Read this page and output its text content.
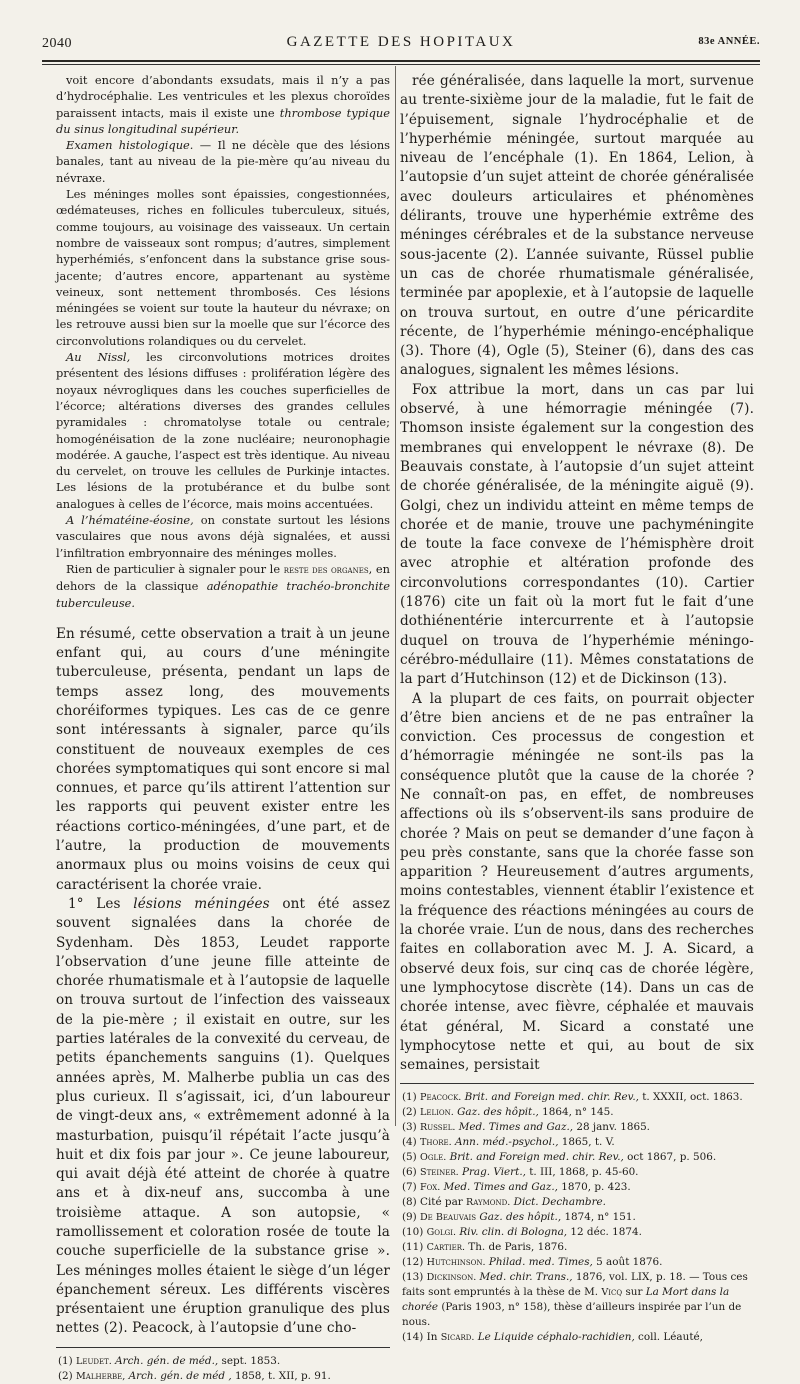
2040	GAZETTE DES HOPITAUX	83e ANNÉE.

voit encore d’abondants exsudats, mais il n’y a pas d’hydrocéphalie. Les ventricules et les plexus choroïdes paraissent intacts, mais il existe une thrombose typique du sinus longitudinal supérieur.

Examen histologique. — Il ne décèle que des lésions banales, tant au niveau de la pie-mère qu’au niveau du névraxe.

Les méninges molles sont épaissies, congestionnées, œdémateuses, riches en follicules tuberculeux, situés, comme toujours, au voisinage des vaisseaux. Un certain nombre de vaisseaux sont rompus; d’autres, simplement hyperhémiés, s’enfoncent dans la substance grise sous-jacente; d’autres encore, appartenant au système veineux, sont nettement thrombosés. Ces lésions méningées se voient sur toute la hauteur du névraxe; on les retrouve aussi bien sur la moelle que sur l’écorce des circonvolutions rolandiques ou du cervelet.

Au Nissl, les circonvolutions motrices droites présentent des lésions diffuses : prolifération légère des noyaux névrogliques dans les couches superficielles de l’écorce; altérations diverses des grandes cellules pyramidales : chromatolyse totale ou centrale; homogénéisation de la zone nucléaire; neuronophagie modérée. A gauche, l’aspect est très identique. Au niveau du cervelet, on trouve les cellules de Purkinje intactes. Les lésions de la protubérance et du bulbe sont analogues à celles de l’écorce, mais moins accentuées.

A l’hématéine-éosine, on constate surtout les lésions vasculaires que nous avons déjà signalées, et aussi l’infiltration embryonnaire des méninges molles.

Rien de particulier à signaler pour le reste des organes, en dehors de la classique adénopathie trachéo-bronchite tuberculeuse.

En résumé, cette observation a trait à un jeune enfant qui, au cours d’une méningite tuberculeuse, présenta, pendant un laps de temps assez long, des mouvements choréiformes typiques. Les cas de ce genre sont intéressants à signaler, parce qu’ils constituent de nouveaux exemples de ces chorées symptomatiques qui sont encore si mal connues, et parce qu’ils attirent l’attention sur les rapports qui peuvent exister entre les réactions cortico-méningées, d’une part, et de l’autre, la production de mouvements anormaux plus ou moins voisins de ceux qui caractérisent la chorée vraie.

1° Les lésions méningées ont été assez souvent signalées dans la chorée de Sydenham. Dès 1853, Leudet rapporte l’observation d’une jeune fille atteinte de chorée rhumatismale et à l’autopsie de laquelle on trouva surtout de l’infection des vaisseaux de la pie-mère ; il existait en outre, sur les parties latérales de la convexité du cerveau, de petits épanchements sanguins (1). Quelques années après, M. Malherbe publia un cas des plus curieux. Il s’agissait, ici, d’un laboureur de vingt-deux ans, « extrêmement adonné à la masturbation, puisqu’il répétait l’acte jusqu’à huit et dix fois par jour ». Ce jeune laboureur, qui avait déjà été atteint de chorée à quatre ans et à dix-neuf ans, succomba à une troisième attaque. A son autopsie, « ramollissement et coloration rosée de toute la couche superficielle de la substance grise ». Les méninges molles étaient le siège d’un léger épanchement séreux. Les différents viscères présentaient une éruption granulique des plus nettes (2). Peacock, à l’autopsie d’une cho-

(1) Leudet. Arch. gén. de méd., sept. 1853.
(2) Malherbe, Arch. gén. de méd , 1858, t. XII, p. 91.

rée généralisée, dans laquelle la mort, survenue au trente-sixième jour de la maladie, fut le fait de l’épuisement, signale l’hydrocéphalie et de l’hyperhémie méningée, surtout marquée au niveau de l’encéphale (1). En 1864, Lelion, à l’autopsie d’un sujet atteint de chorée généralisée avec douleurs articulaires et phénomènes délirants, trouve une hyperhémie extrême des méninges cérébrales et de la substance nerveuse sous-jacente (2). L’année suivante, Rüssel publie un cas de chorée rhumatismale généralisée, terminée par apoplexie, et à l’autopsie de laquelle on trouva surtout, en outre d’une péricardite récente, de l’hyperhémie méningo-encéphalique (3). Thore (4), Ogle (5), Steiner (6), dans des cas analogues, signalent les mêmes lésions.

Fox attribue la mort, dans un cas par lui observé, à une hémorragie méningée (7). Thomson insiste également sur la congestion des membranes qui enveloppent le névraxe (8). De Beauvais constate, à l’autopsie d’un sujet atteint de chorée généralisée, de la méningite aiguë (9). Golgi, chez un individu atteint en même temps de chorée et de manie, trouve une pachyméningite de toute la face convexe de l’hémisphère droit avec atrophie et altération profonde des circonvolutions correspondantes (10). Cartier (1876) cite un fait où la mort fut le fait d’une dothiénentérie intercurrente et à l’autopsie duquel on trouva de l’hyperhémie méningo-cérébro-médullaire (11). Mêmes constatations de la part d’Hutchinson (12) et de Dickinson (13).

A la plupart de ces faits, on pourrait objecter d’être bien anciens et de ne pas entraîner la conviction. Ces processus de congestion et d’hémorragie méningée ne sont-ils pas la conséquence plutôt que la cause de la chorée ? Ne connaît-on pas, en effet, de nombreuses affections où ils s’observent-ils sans produire de chorée ? Mais on peut se demander d’une façon à peu près constante, sans que la chorée fasse son apparition ? Heureusement d’autres arguments, moins contestables, viennent établir l’existence et la fréquence des réactions méningées au cours de la chorée vraie. L’un de nous, dans des recherches faites en collaboration avec M. J. A. Sicard, a observé deux fois, sur cinq cas de chorée légère, une lymphocytose discrète (14). Dans un cas de chorée intense, avec fièvre, céphalée et mauvais état général, M. Sicard a constaté une lymphocytose nette et qui, au bout de six semaines, persistait

(1) Peacock. Brit. and Foreign med. chir. Rev., t. XXXII, oct. 1863.
(2) Lelion. Gaz. des hôpit., 1864, n° 145.
(3) Russel. Med. Times and Gaz., 28 janv. 1865.
(4) Thore. Ann. méd.-psychol., 1865, t. V.
(5) Ogle. Brit. and Foreign med. chir. Rev., oct 1867, p. 506.
(6) Steiner. Prag. Viert., t. III, 1868, p. 45-60.
(7) Fox. Med. Times and Gaz., 1870, p. 423.
(8) Cité par Raymond. Dict. Dechambre.
(9) De Beauvais Gaz. des hôpit., 1874, n° 151.
(10) Golgi. Riv. clin. di Bologna, 12 déc. 1874.
(11) Cartier. Th. de Paris, 1876.
(12) Hutchinson. Philad. med. Times, 5 août 1876.
(13) Dickinson. Med. chir. Trans., 1876, vol. LIX, p. 18. — Tous ces faits sont empruntés à la thèse de M. Vicq sur La Mort dans la chorée (Paris 1903, n° 158), thèse d’ailleurs inspirée par l’un de nous.
(14) In Sicard. Le Liquide céphalo-rachidien, coll. Léauté,
